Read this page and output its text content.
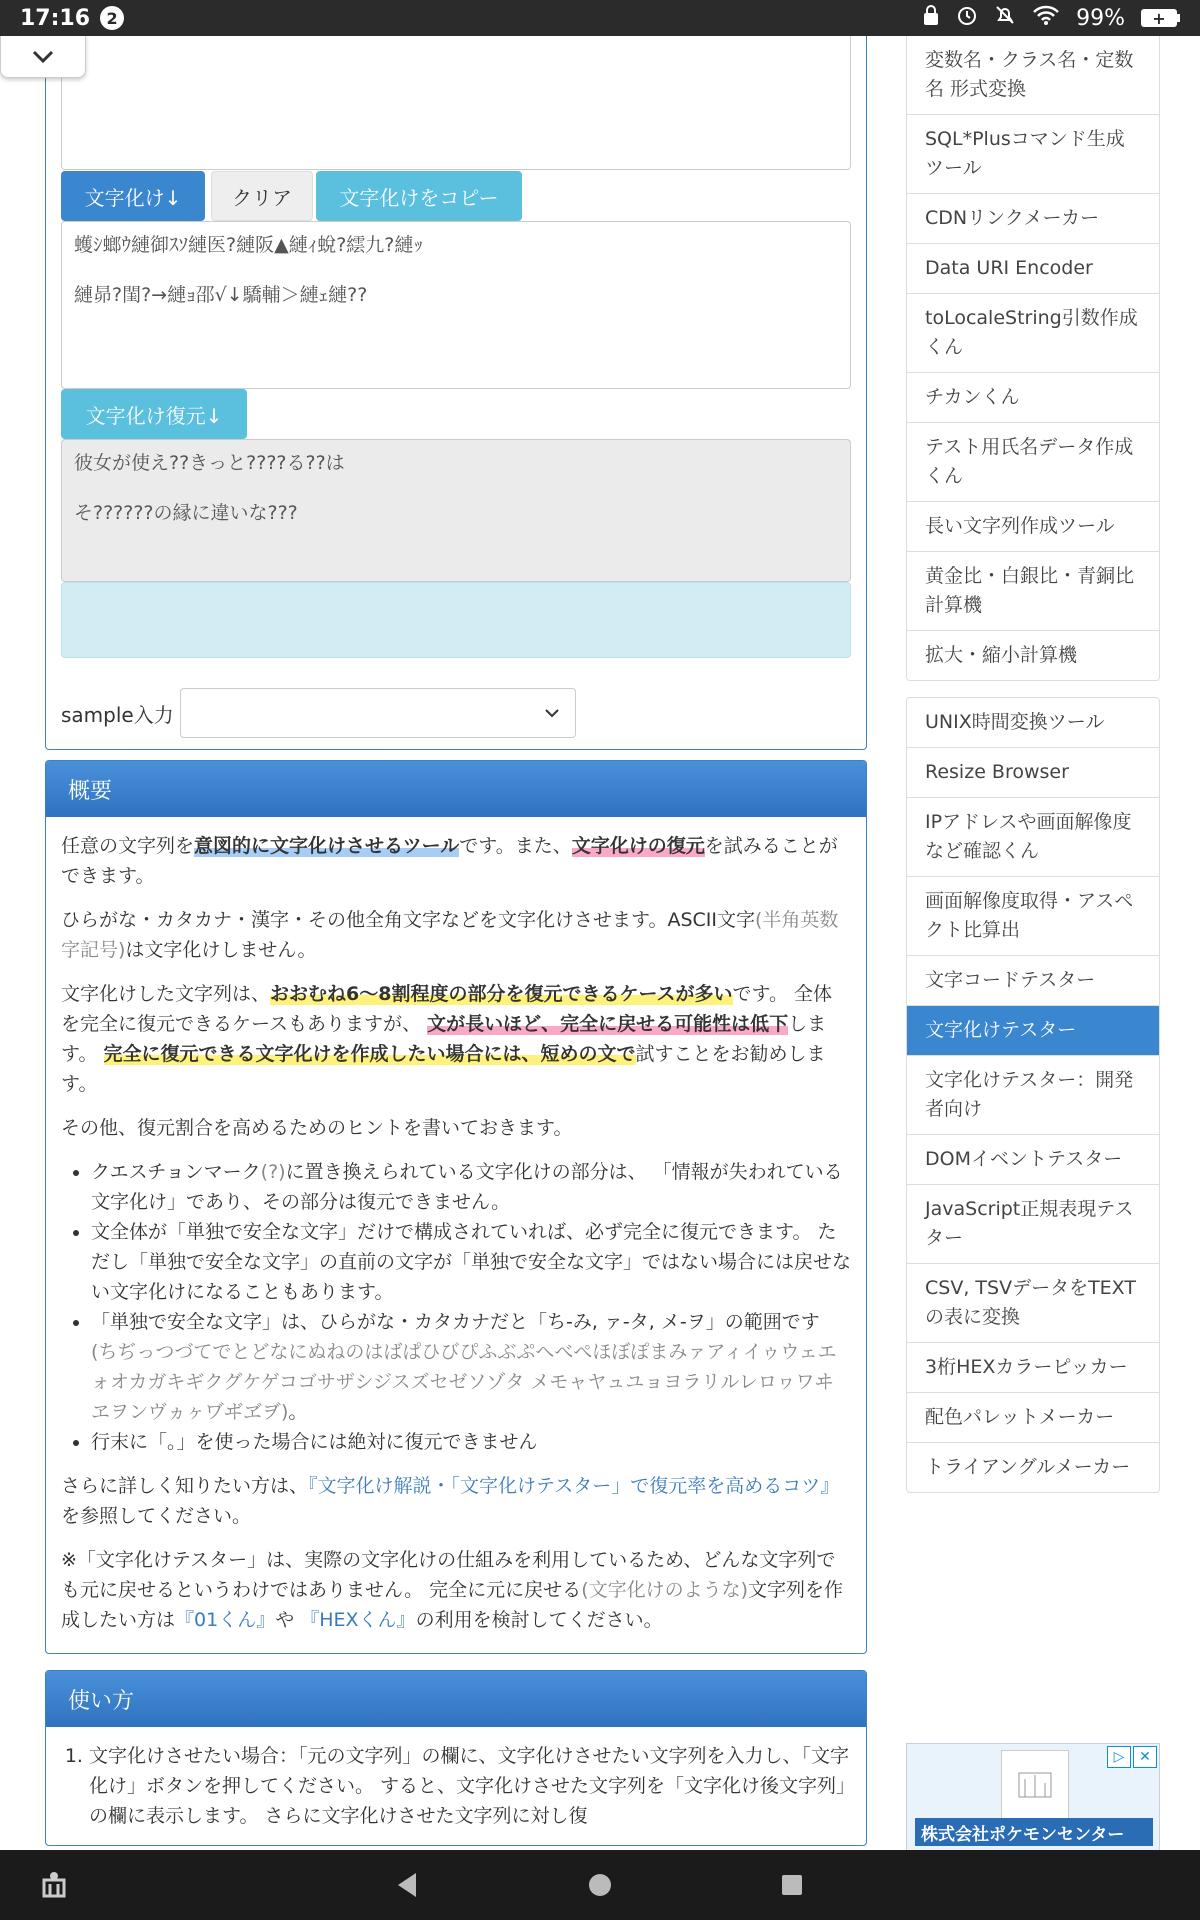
17:16	2	99%	+
文字化け↓	クリア	文字化けをコピー
蠖ｼ螂ｳ縺御ｽｿ縺医?縺阪▲縺ｨ蛻?繧九?縺ｯ
縺昴?閨?→縺ｮ邵√↓驕輔＞縺ｪ縺??
文字化け復元↓
彼女が使え??きっと????る??は
そ??????の縁に違いな???
sample入力
概要

任意の文字列を意図的に文字化けさせるツールです。また、文字化けの復元を試みることができます。

ひらがな・カタカナ・漢字・その他全角文字などを文字化けさせます。ASCII文字(半角英数字記号)は文字化けしません。

文字化けした文字列は、おおむね6〜8割程度の部分を復元できるケースが多いです。 全体を完全に復元できるケースもありますが、 文が長いほど、完全に戻せる可能性は低下します。 完全に復元できる文字化けを作成したい場合には、短めの文で試すことをお勧めします。

その他、復元割合を高めるためのヒントを書いておきます。

• クエスチョンマーク(?)に置き換えられている文字化けの部分は、 「情報が失われている文字化け」であり、その部分は復元できません。
• 文全体が「単独で安全な文字」だけで構成されていれば、必ず完全に復元できます。 ただし「単独で安全な文字」の直前の文字が「単独で安全な文字」ではない場合には戻せない文字化けになることもあります。
• 「単独で安全な文字」は、ひらがな・カタカナだと「ち-み, ァ-タ, メ-ヲ」の範囲です (ちぢっつづてでとどなにぬねのはばぱひびぴふぶぷへべぺほぼぽまみァアィイゥウェエォオカガキギクグケゲコゴサザシジスズセゼソゾタ メモャヤュユョヨラリルレロヮワヰヱヲンヴヵヶヷヸヹヺ)。
• 行末に「。」を使った場合には絶対に復元できません

さらに詳しく知りたい方は、『文字化け解説・「文字化けテスター」で復元率を高めるコツ』を参照してください。

※「文字化けテスター」は、実際の文字化けの仕組みを利用しているため、どんな文字列でも元に戻せるというわけではありません。 完全に元に戻せる(文字化けのような)文字列を作成したい方は『01くん』や 『HEXくん』の利用を検討してください。

使い方
1. 文字化けさせたい場合：「元の文字列」の欄に、文字化けさせたい文字列を入力し、「文字化け」ボタンを押してください。 すると、文字化けさせた文字列を「文字化け後文字列」の欄に表示します。 さらに文字化けさせた文字列に対し復
変数名・クラス名・定数名 形式変換
SQL*Plusコマンド生成ツール
CDNリンクメーカー
Data URI Encoder
toLocaleString引数作成くん
チカンくん
テスト用氏名データ作成くん
長い文字列作成ツール
黄金比・白銀比・青銅比計算機
拡大・縮小計算機
UNIX時間変換ツール
Resize Browser
IPアドレスや画面解像度など確認くん
画面解像度取得・アスペクト比算出
文字コードテスター
文字化けテスター
文字化けテスター：開発者向け
DOMイベントテスター
JavaScript正規表現テスター
CSV, TSVデータをTEXTの表に変換
3桁HEXカラーピッカー
配色パレットメーカー
トライアングルメーカー
▷	✕
株式会社ポケモンセンター
